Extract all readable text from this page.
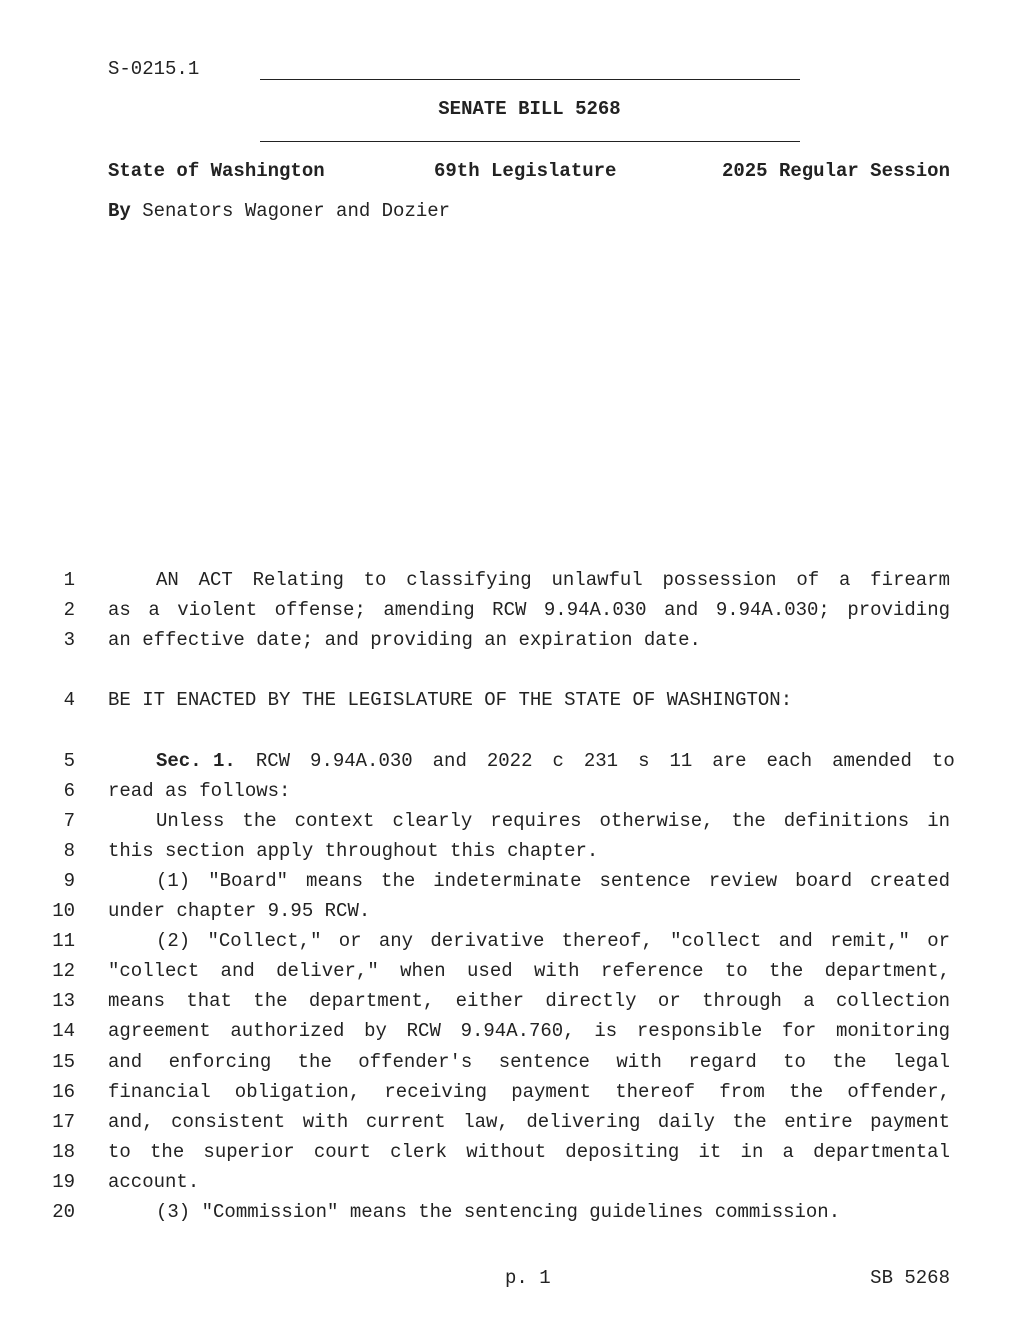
S-0215.1
SENATE BILL 5268
State of Washington	69th Legislature	2025 Regular Session
By Senators Wagoner and Dozier
1
2
3
4
5
6
7
8
9
10
11
12
13
14
15
16
17
18
19
20
AN ACT Relating to classifying unlawful possession of a firearm
as a violent offense; amending RCW 9.94A.030 and 9.94A.030; providing
an effective date; and providing an expiration date.
BE IT ENACTED BY THE LEGISLATURE OF THE STATE OF WASHINGTON:
Sec. 1. RCW 9.94A.030 and 2022 c 231 s 11 are each amended to
read as follows:
Unless the context clearly requires otherwise, the definitions in
this section apply throughout this chapter.
(1) "Board" means the indeterminate sentence review board created
under chapter 9.95 RCW.
(2) "Collect," or any derivative thereof, "collect and remit," or
"collect and deliver," when used with reference to the department,
means that the department, either directly or through a collection
agreement authorized by RCW 9.94A.760, is responsible for monitoring
and enforcing the offender's sentence with regard to the legal
financial obligation, receiving payment thereof from the offender,
and, consistent with current law, delivering daily the entire payment
to the superior court clerk without depositing it in a departmental
account.
(3) "Commission" means the sentencing guidelines commission.
p. 1	SB 5268
